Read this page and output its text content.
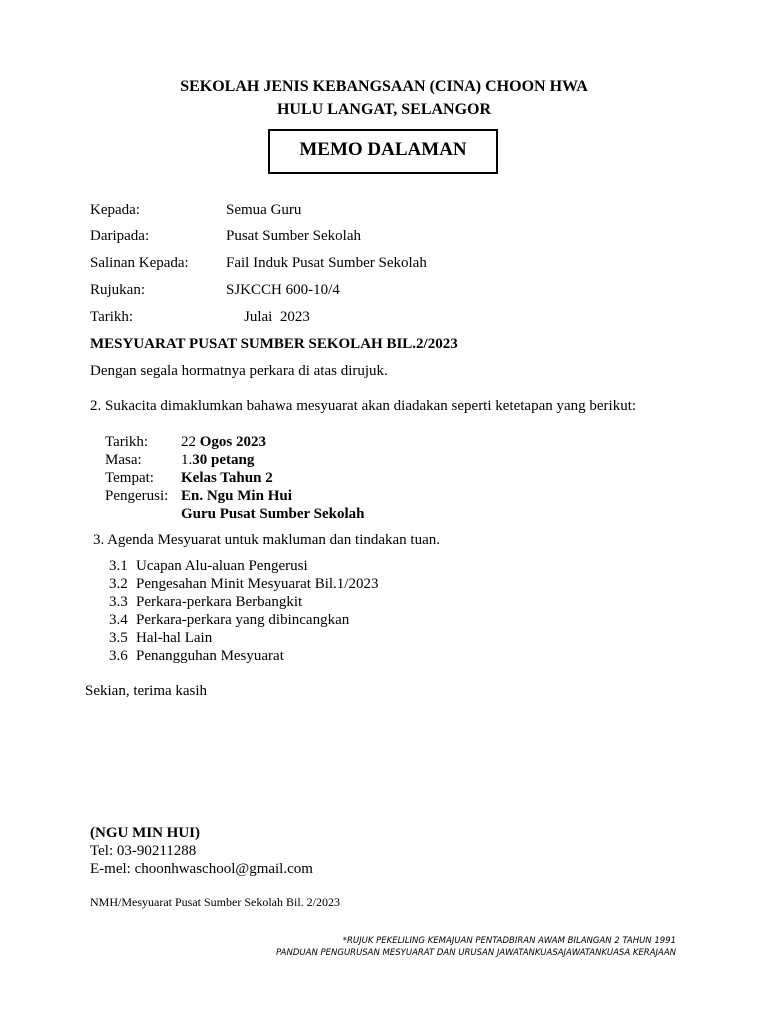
SEKOLAH JENIS KEBANGSAAN (CINA) CHOON HWA
HULU LANGAT, SELANGOR
MEMO DALAMAN
Kepada:	Semua Guru
Daripada:	Pusat Sumber Sekolah
Salinan Kepada: Fail Induk Pusat Sumber Sekolah
Rujukan:	SJKCCH 600-10/4
Tarikh:	Julai  2023
MESYUARAT PUSAT SUMBER SEKOLAH BIL.2/2023
Dengan segala hormatnya perkara di atas dirujuk.
2. Sukacita dimaklumkan bahawa mesyuarat akan diadakan seperti ketetapan yang berikut:
Tarikh: 22 Ogos 2023
Masa:	1.30 petang
Tempat: Kelas Tahun 2
Pengerusi: En. Ngu Min Hui
Guru Pusat Sumber Sekolah
3. Agenda Mesyuarat untuk makluman dan tindakan tuan.
3.1 Ucapan Alu-aluan Pengerusi
3.2 Pengesahan Minit Mesyuarat Bil.1/2023
3.3 Perkara-perkara Berbangkit
3.4 Perkara-perkara yang dibincangkan
3.5 Hal-hal Lain
3.6 Penangguhan Mesyuarat
Sekian, terima kasih
(NGU MIN HUI)
Tel: 03-90211288
E-mel: choonhwaschool@gmail.com
NMH/Mesyuarat Pusat Sumber Sekolah Bil. 2/2023
*RUJUK PEKELILING KEMAJUAN PENTADBIRAN AWAM BILANGAN 2 TAHUN 1991
PANDUAN PENGURUSAN MESYUARAT DAN URUSAN JAWATANKUASAJAWATANKUASA KERAJAAN
